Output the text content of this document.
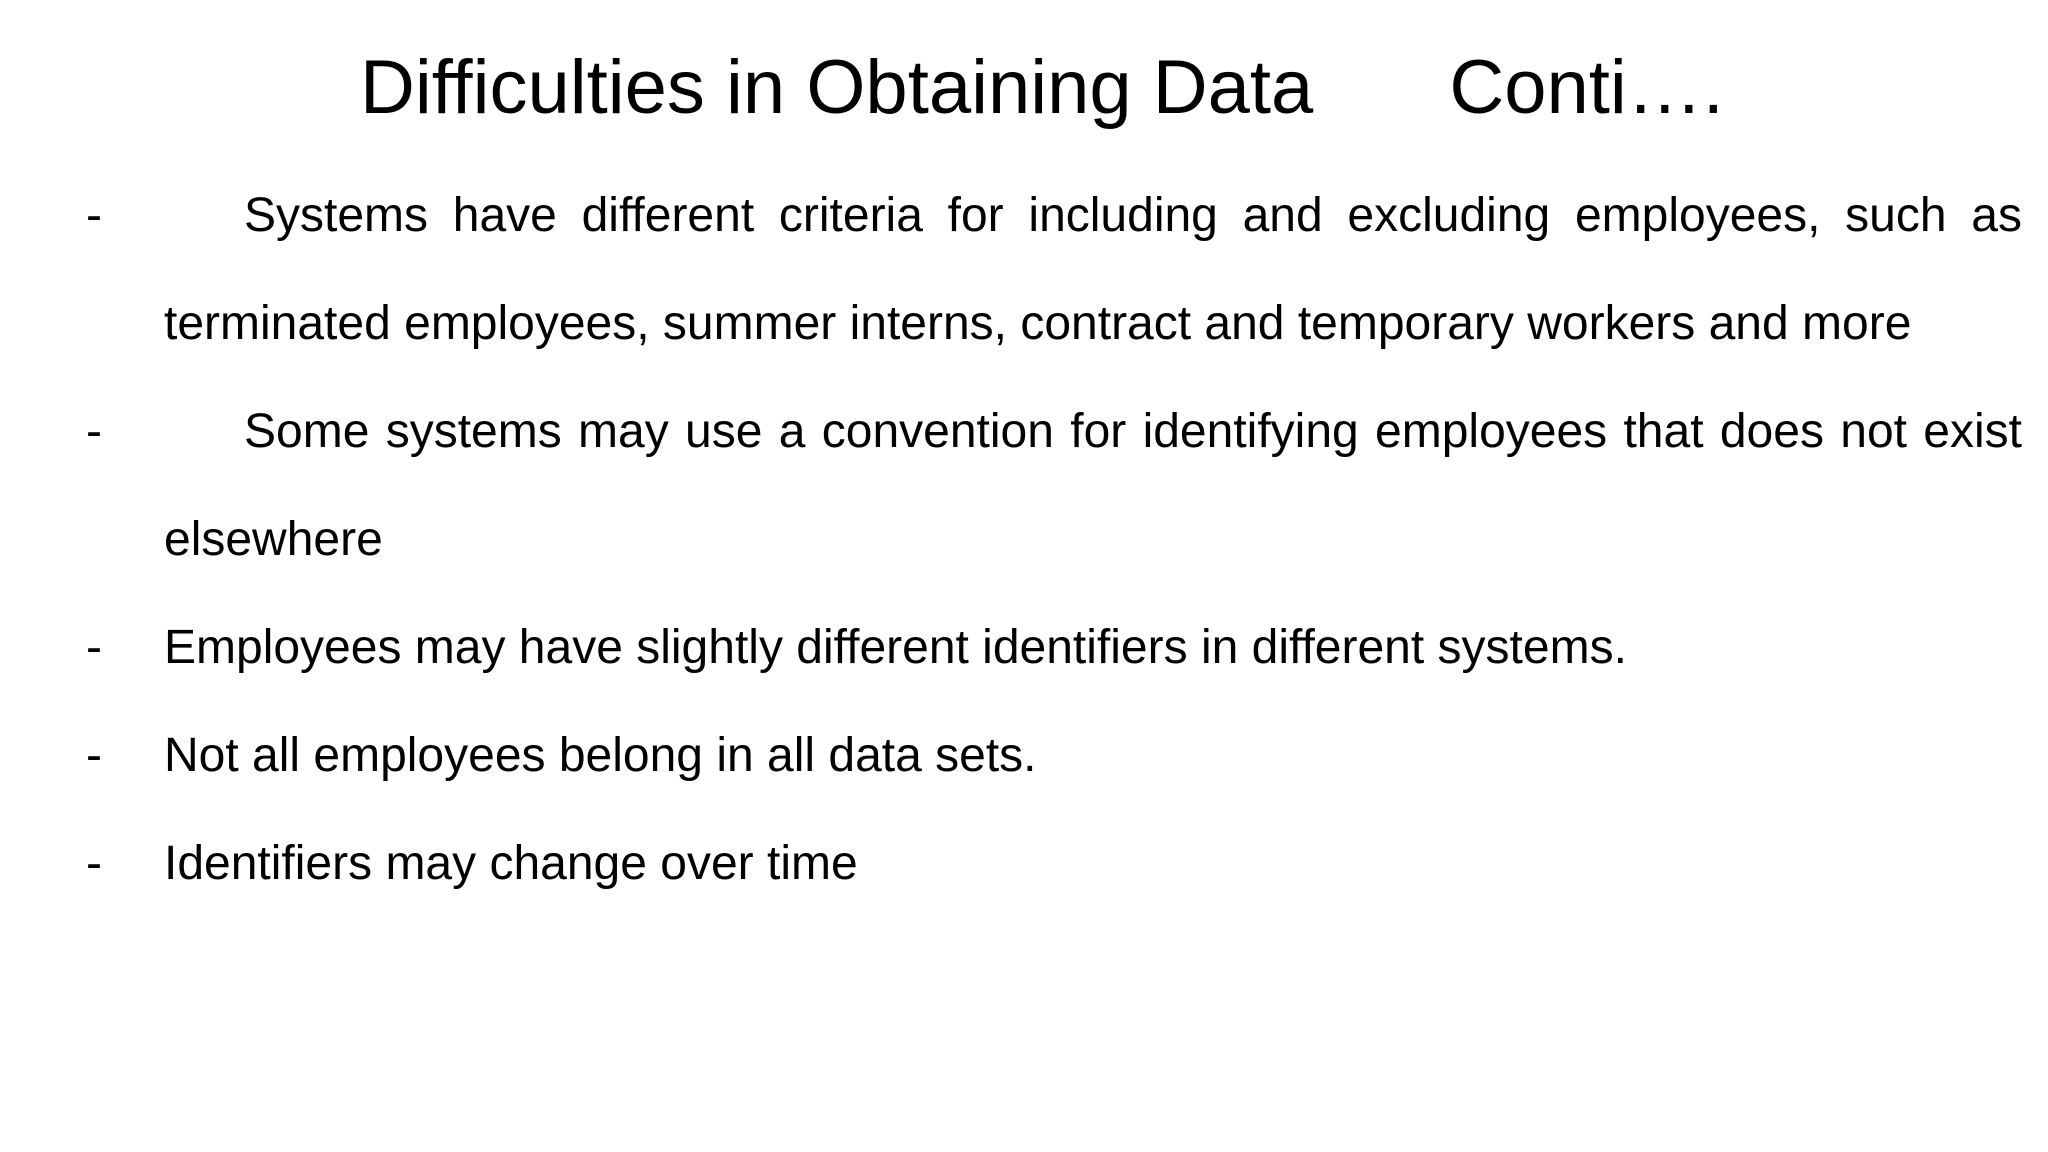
Difficulties in Obtaining Data Conti….
-	Systems have different criteria for including and excluding employees, such as terminated employees, summer interns, contract and temporary workers and more
-	Some systems may use a convention for identifying employees that does not exist elsewhere
- Employees may have slightly different identifiers in different systems.
- Not all employees belong in all data sets.
- Identifiers may change over time
